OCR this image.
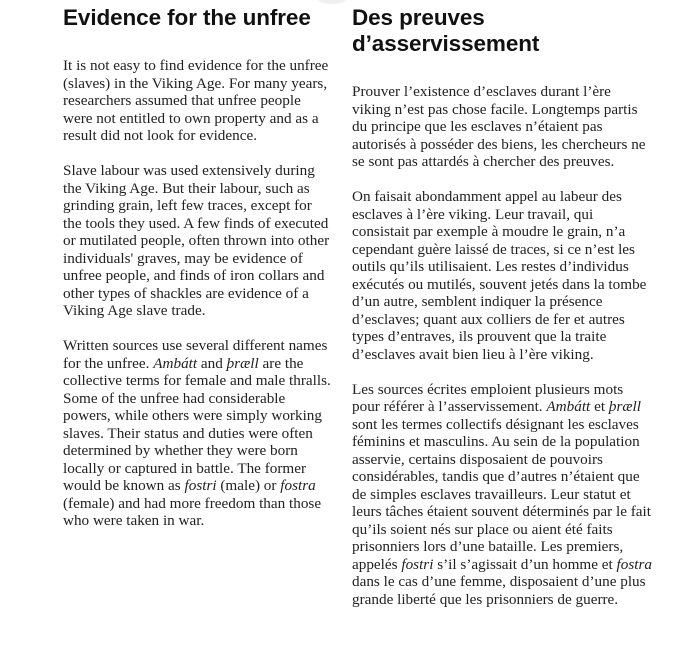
Evidence for the unfree

It is not easy to find evidence for the unfree (slaves) in the Viking Age. For many years, researchers assumed that unfree people were not entitled to own property and as a result did not look for evidence.

Slave labour was used extensively during the Viking Age. But their labour, such as grinding grain, left few traces, except for the tools they used. A few finds of executed or mutilated people, often thrown into other individuals' graves, may be evidence of unfree people, and finds of iron collars and other types of shackles are evidence of a Viking Age slave trade.

Written sources use several different names for the unfree. Ambátt and þræll are the collective terms for female and male thralls. Some of the unfree had considerable powers, while others were simply working slaves. Their status and duties were often determined by whether they were born locally or captured in battle. The former would be known as fostri (male) or fostra (female) and had more freedom than those who were taken in war.

Des preuves d’asservissement

Prouver l’existence d’esclaves durant l’ère viking n’est pas chose facile. Longtemps partis du principe que les esclaves n’étaient pas autorisés à posséder des biens, les chercheurs ne se sont pas attardés à chercher des preuves.

On faisait abondamment appel au labeur des esclaves à l’ère viking. Leur travail, qui consistait par exemple à moudre le grain, n’a cependant guère laissé de traces, si ce n’est les outils qu’ils utilisaient. Les restes d’individus exécutés ou mutilés, souvent jetés dans la tombe d’un autre, semblent indiquer la présence d’esclaves; quant aux colliers de fer et autres types d’entraves, ils prouvent que la traite d’esclaves avait bien lieu à l’ère viking.

Les sources écrites emploient plusieurs mots pour référer à l’asservissement. Ambátt et þræll sont les termes collectifs désignant les esclaves féminins et masculins. Au sein de la population asservie, certains disposaient de pouvoirs considérables, tandis que d’autres n’étaient que de simples esclaves travailleurs. Leur statut et leurs tâches étaient souvent déterminés par le fait qu’ils soient nés sur place ou aient été faits prisonniers lors d’une bataille. Les premiers, appelés fostri s’il s’agissait d’un homme et fostra dans le cas d’une femme, disposaient d’une plus grande liberté que les prisonniers de guerre.
